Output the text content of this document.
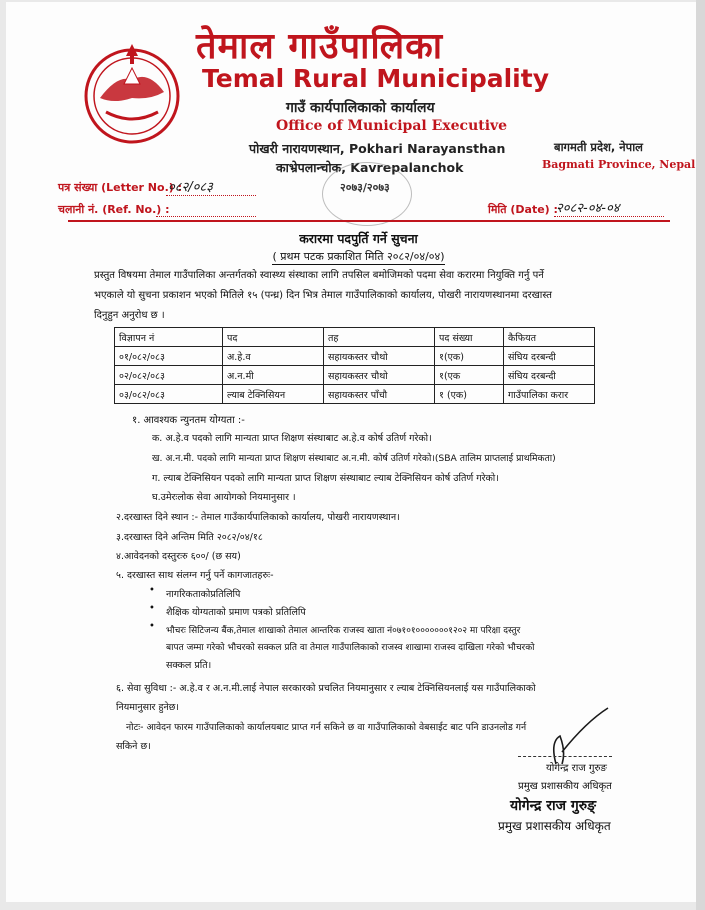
तेमाल गाउँपालिका
Temal Rural Municipality
गाउँ कार्यपालिकाको कार्यालय
Office of Municipal Executive
पोखरी नारायणस्थान, Pokhari Narayansthan
काभ्रेपलान्चोक, Kavrepalanchok
बागमती प्रदेश, नेपाल
Bagmati Province, Nepal
२०७३/२०७३
पत्र संख्या (Letter No.) :
०८२/०८३
चलानी नं. (Ref. No.) :	मिति (Date) :
२०८२-०४-०४
करारमा पदपुर्ति गर्ने सुचना
( प्रथम पटक प्रकाशित मिति २०८२/०४/०४)
प्रस्तुत विषयमा तेमाल गाउँपालिका अन्तर्गतको स्वास्थ्य संस्थाका लागि तपसिल बमोजिमको पदमा सेवा करारमा नियुक्ति गर्नु पर्ने
भएकाले यो सुचना प्रकाशन भएको मितिले १५ (पन्ध्र) दिन भित्र तेमाल गाउँपालिकाको कार्यालय, पोखरी नारायणस्थानमा दरखास्त
दिनुहुन अनुरोध छ ।
विज्ञापन नं	पद	तह	पद संख्या	कैफियत
०१/०८२/०८३	अ.हे.व	सहायकस्तर चौथो	१(एक)	संघिय दरबन्दी
०२/०८२/०८३	अ.न.मी	सहायकस्तर चौथो	१(एक	संघिय दरबन्दी
०३/०८२/०८३	ल्याब टेक्निसियन	सहायकस्तर पाँचौ	१ (एक)	गाउँपालिका करार
१. आवश्यक न्युनतम योग्यता :-
क. अ.हे.व पदको लागि मान्यता प्राप्त शिक्षण संस्थाबाट अ.हे.व कोर्ष उतिर्ण गरेको।
ख. अ.न.मी. पदको लागि मान्यता प्राप्त शिक्षण संस्थाबाट अ.न.मी. कोर्ष उतिर्ण गरेको।(SBA तालिम प्राप्तलाई प्राथमिकता)
ग. ल्याब टेक्निसियन पदको लागि मान्यता प्राप्त शिक्षण संस्थाबाट ल्याब टेक्निसियन कोर्ष उतिर्ण गरेको।
घ.उमेरःलोक सेवा आयोगको नियमानुसार ।
२.दरखास्त दिने स्थान :- तेमाल गाउँकार्यपालिकाको कार्यालय, पोखरी नारायणस्थान।
३.दरखास्त दिने अन्तिम मिति २०८२/०४/१८
४.आवेदनको दस्तुरःरु ६००/ (छ सय)
५. दरखास्त साथ संलग्न गर्नु पर्ने कागजातहरुः-
• नागरिकताकोप्रतिलिपि
• शैक्षिक योग्यताको प्रमाण पत्रको प्रतिलिपि
• भौचरः सिटिजन्य बैंक,तेमाल शाखाको तेमाल आन्तरिक राजस्व खाता नं०७१०१०००००००१२०२ मा परिक्षा दस्तुर
बापत जम्मा गरेको भौचरको सक्कल प्रति वा तेमाल गाउँपालिकाको राजस्व शाखामा राजस्व दाखिला गरेको भौचरको
सक्कल प्रति।
६. सेवा सुविधा :- अ.हे.व र अ.न.मी.लाई नेपाल सरकारको प्रचलित नियमानुसार र ल्याब टेक्निसियनलाई यस गाउँपालिकाको
नियमानुसार हुनेछ।
नोटः- आवेदन फारम गाउँपालिकाको कार्यालयबाट प्राप्त गर्न सकिने छ वा गाउँपालिकाको वेबसाईट बाट पनि डाउनलोड गर्न
सकिने छ।
योगेन्द्र राज गुरुङ
प्रमुख प्रशासकीय अधिकृत
योगेन्द्र राज गुरुङ्
प्रमुख प्रशासकीय अधिकृत
